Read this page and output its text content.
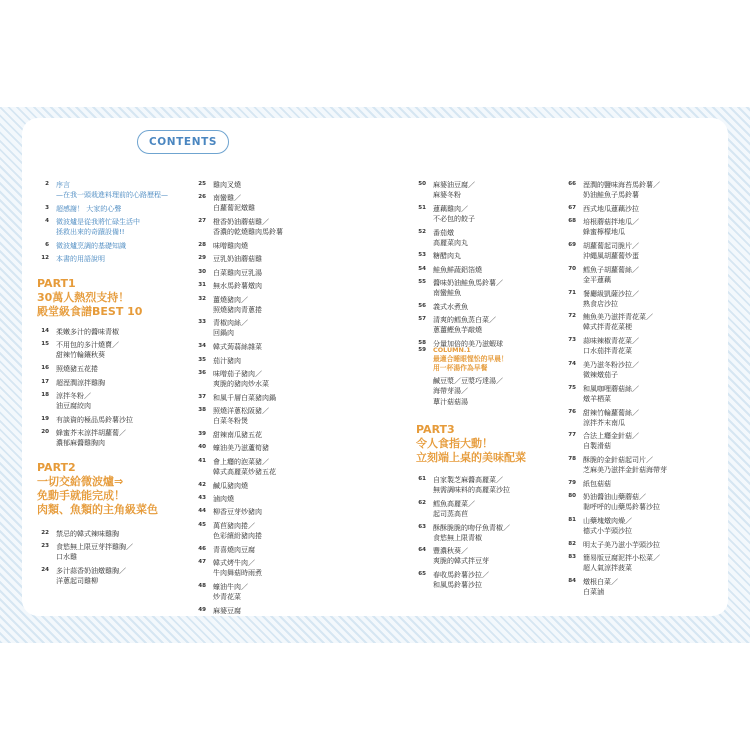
CONTENTS
2 序言
—在我一頭栽進料理前的心路歷程—
3 超感謝！ 大家的心聲
4 微波爐是從我將忙碌生活中
拯救出來的奇蹟設備!!
6 微波爐烹調的基礎知識
12 本書的用語說明
PART1
30萬人熱烈支持！
殿堂級食譜BEST 10
14 柔嫩多汁的醬味青椒
15 不用包的多汁燒賣／
甜辣竹輪鑲秋葵
16 照燒豬五花捲
17 超溼潤涼拌雞胸
18 涼拌冬粉／
油豆腐絞肉
19 有談資的極品馬鈴薯沙拉
20 蜂蜜芥末涼拌胡蘿蔔／
濃郁麻醬雞胸肉
PART2
一切交給微波爐⇒
免動手就能完成！
肉類、魚類的主角級菜色
22 禁忌的韓式辣味雞胸
23 食慾無上限豆芽拌雞胸／
口水雞
24 多汁蒜香奶油燉雞胸／
洋蔥起司雞柳
25 雞肉叉燒
26 南蠻雞／
白蘿蔔泥燉雞
27 橙香奶油蘑菇雞／
香濃的乾燒雞肉馬鈴薯
28 味噌雞肉燒
29 豆乳奶油蘑菇雞
30 白菜雞肉豆乳湯
31 無水馬鈴薯燉肉
32 薑燒豬肉／
照燒豬肉青蔥捲
33 青椒肉絲／
回鍋肉
34 韓式蒟蒻絲雜菜
35 茄汁豬肉
36 味噌茄子豬肉／
爽脆的豬肉炒水菜
37 和風千層白菜豬肉鍋
38 照燒洋蔥松阪豬／
白菜冬粉煲
39 甜辣南瓜豬五花
40 蠔油美乃滋蘆筍豬
41 會上癮的泡菜豬／
韓式高麗菜炒豬五花
42 鹹瓜豬肉燒
43 滷肉燒
44 柳香豆芽炒豬肉
45 萬苣豬肉捲／
色彩繽紛豬肉捲
46 青喜燒肉豆腐
47 韓式烤牛肉／
牛肉舞菇時雨煮
48 蠔油牛肉／
炒青花菜
49 麻婆豆腐
50 麻婆油豆腐／
麻婆冬粉
51 蓮藕雞肉／
不必包的餃子
52 番茄燉
高麗菜肉丸
53 糖醋肉丸
54 鮭魚鮮蔬鋁箔燒
55 醬味奶油鮭魚馬鈴薯／
南蠻鮭魚
56 義式水煮魚
57 清爽的鱈魚蒸白菜／
蔥薑鰹魚芋敲燒
58 分量加倍的美乃滋蝦球
59 COLUMN.1
最適合睡眼惺忪的早晨！
用一杯湯作為早餐
鹹豆漿／豆漿巧達湯／
海帶芽湯／
蕈汁菇菇湯
PART3
令人食指大動！
立刻端上桌的美味配菜
61 自家製芝麻醬高麗菜／
無需調味料的高麗菜沙拉
62 鱈魚高麗菜／
起司蒸高苣
63 酥酥脆脆的吻仔魚青椒／
食慾無上限青椒
64 豐濃秋葵／
爽脆的韓式拌豆芽
65 春收馬鈴薯沙拉／
和風馬鈴薯沙拉
66 溼潤的鹽味海苔馬鈴薯／
奶油鮭魚子馬鈴薯
67 西式地瓜蓮藕沙拉
68 培根蘑菇拌地瓜／
蜂蜜檸檬地瓜
69 胡蘿蔔起司脆片／
沖繩風胡蘿蔔炒蛋
70 鱈魚子胡蘿蔔絲／
金平蓮藕
71 餐廳級凱薩沙拉／
熟食店沙拉
72 鮪魚美乃滋拌青花菜／
韓式拌青花菜梗
73 蒜味辣椒青花菜／
口水茄拌青花菜
74 美乃滋冬粉沙拉／
微辣燉茄子
75 和風咖哩蘑菇絲／
燉羊栖菜
76 甜辣竹輪蘿蔔絲／
涼拌芥末南瓜
77 合法上癮金針菇／
自製滑菇
78 酥脆的金針菇起司片／
芝麻美乃滋拌金針菇海帶芽
79 紙包菇菇
80 奶油醬油山藥蘑菇／
黏呼呼的山藥馬鈴薯沙拉
81 山藥塊燉肉燥／
德式小芋頭沙拉
82 明太子美乃滋小芋頭沙拉
83 簡易版豆腐泥拌小松菜／
超人氣涼拌菠菜
84 燉根白菜／
白菜滷
